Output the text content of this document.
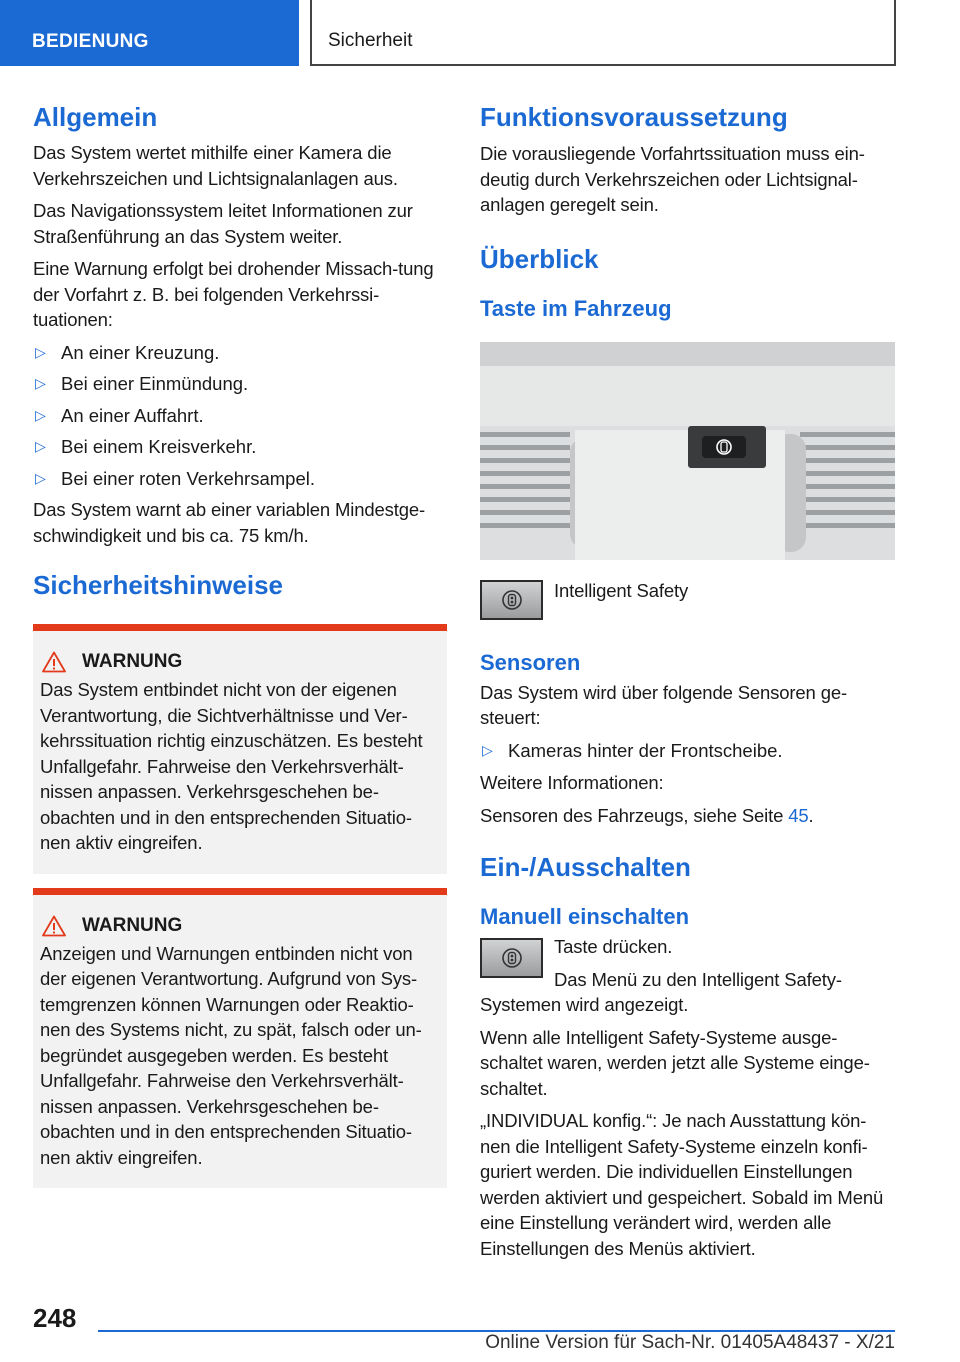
BEDIENUNG	Sicherheit
Allgemein

Das System wertet mithilfe einer Kamera die Verkehrszeichen und Lichtsignalanlagen aus.

Das Navigationssystem leitet Informationen zur Straßenführung an das System weiter.

Eine Warnung erfolgt bei drohender Missach-tung der Vorfahrt z. B. bei folgenden Verkehrssi-tuationen:

▷ An einer Kreuzung.
▷ Bei einer Einmündung.
▷ An einer Auffahrt.
▷ Bei einem Kreisverkehr.
▷ Bei einer roten Verkehrsampel.

Das System warnt ab einer variablen Mindestge-schwindigkeit und bis ca. 75 km/h.

Sicherheitshinweise
WARNUNG

Das System entbindet nicht von der eigenen Verantwortung, die Sichtverhältnisse und Ver-kehrssituation richtig einzuschätzen. Es besteht Unfallgefahr. Fahrweise den Verkehrsverhält-nissen anpassen. Verkehrsgeschehen be-obachten und in den entsprechenden Situatio-nen aktiv eingreifen.

WARNUNG

Anzeigen und Warnungen entbinden nicht von der eigenen Verantwortung. Aufgrund von Sys-temgrenzen können Warnungen oder Reaktio-nen des Systems nicht, zu spät, falsch oder un-begründet ausgegeben werden. Es besteht Unfallgefahr. Fahrweise den Verkehrsverhält-nissen anpassen. Verkehrsgeschehen be-obachten und in den entsprechenden Situatio-nen aktiv eingreifen.

Funktionsvoraussetzung

Die vorausliegende Vorfahrtssituation muss ein-deutig durch Verkehrszeichen oder Lichtsignal-anlagen geregelt sein.

Überblick
Taste im Fahrzeug
Intelligent Safety
Sensoren

Das System wird über folgende Sensoren ge-steuert:

▷ Kameras hinter der Frontscheibe.

Weitere Informationen:

Sensoren des Fahrzeugs, siehe Seite 45.

Ein-/Ausschalten
Manuell einschalten

Taste drücken.

Das Menü zu den Intelligent Safety-Systemen wird angezeigt.

Wenn alle Intelligent Safety-Systeme ausge-schaltet waren, werden jetzt alle Systeme einge-schaltet.

„INDIVIDUAL konfig.“: Je nach Ausstattung kön-nen die Intelligent Safety-Systeme einzeln konfi-guriert werden. Die individuellen Einstellungen werden aktiviert und gespeichert. Sobald im Menü eine Einstellung verändert wird, werden alle Einstellungen des Menüs aktiviert.

248
Online Version für Sach-Nr. 01405A48437 - X/21
